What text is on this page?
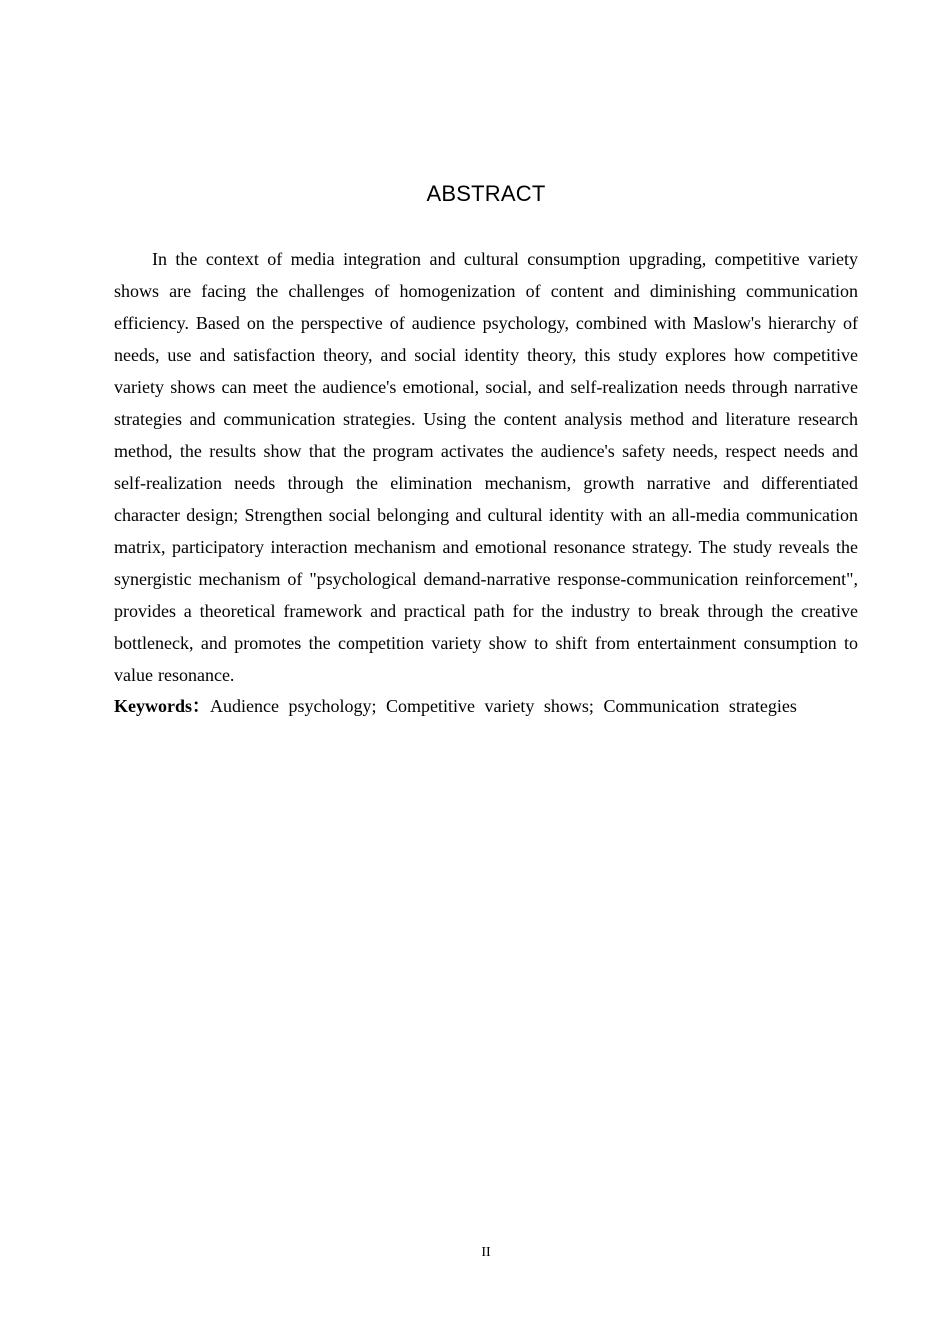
ABSTRACT

In the context of media integration and cultural consumption upgrading, competitive variety shows are facing the challenges of homogenization of content and diminishing communication efficiency. Based on the perspective of audience psychology, combined with Maslow's hierarchy of needs, use and satisfaction theory, and social identity theory, this study explores how competitive variety shows can meet the audience's emotional, social, and self-realization needs through narrative strategies and communication strategies. Using the content analysis method and literature research method, the results show that the program activates the audience's safety needs, respect needs and self-realization needs through the elimination mechanism, growth narrative and differentiated character design; Strengthen social belonging and cultural identity with an all-media communication matrix, participatory interaction mechanism and emotional resonance strategy. The study reveals the synergistic mechanism of "psychological demand-narrative response-communication reinforcement", provides a theoretical framework and practical path for the industry to break through the creative bottleneck, and promotes the competition variety show to shift from entertainment consumption to value resonance.

Keywords：Audience psychology; Competitive variety shows; Communication strategies

II
